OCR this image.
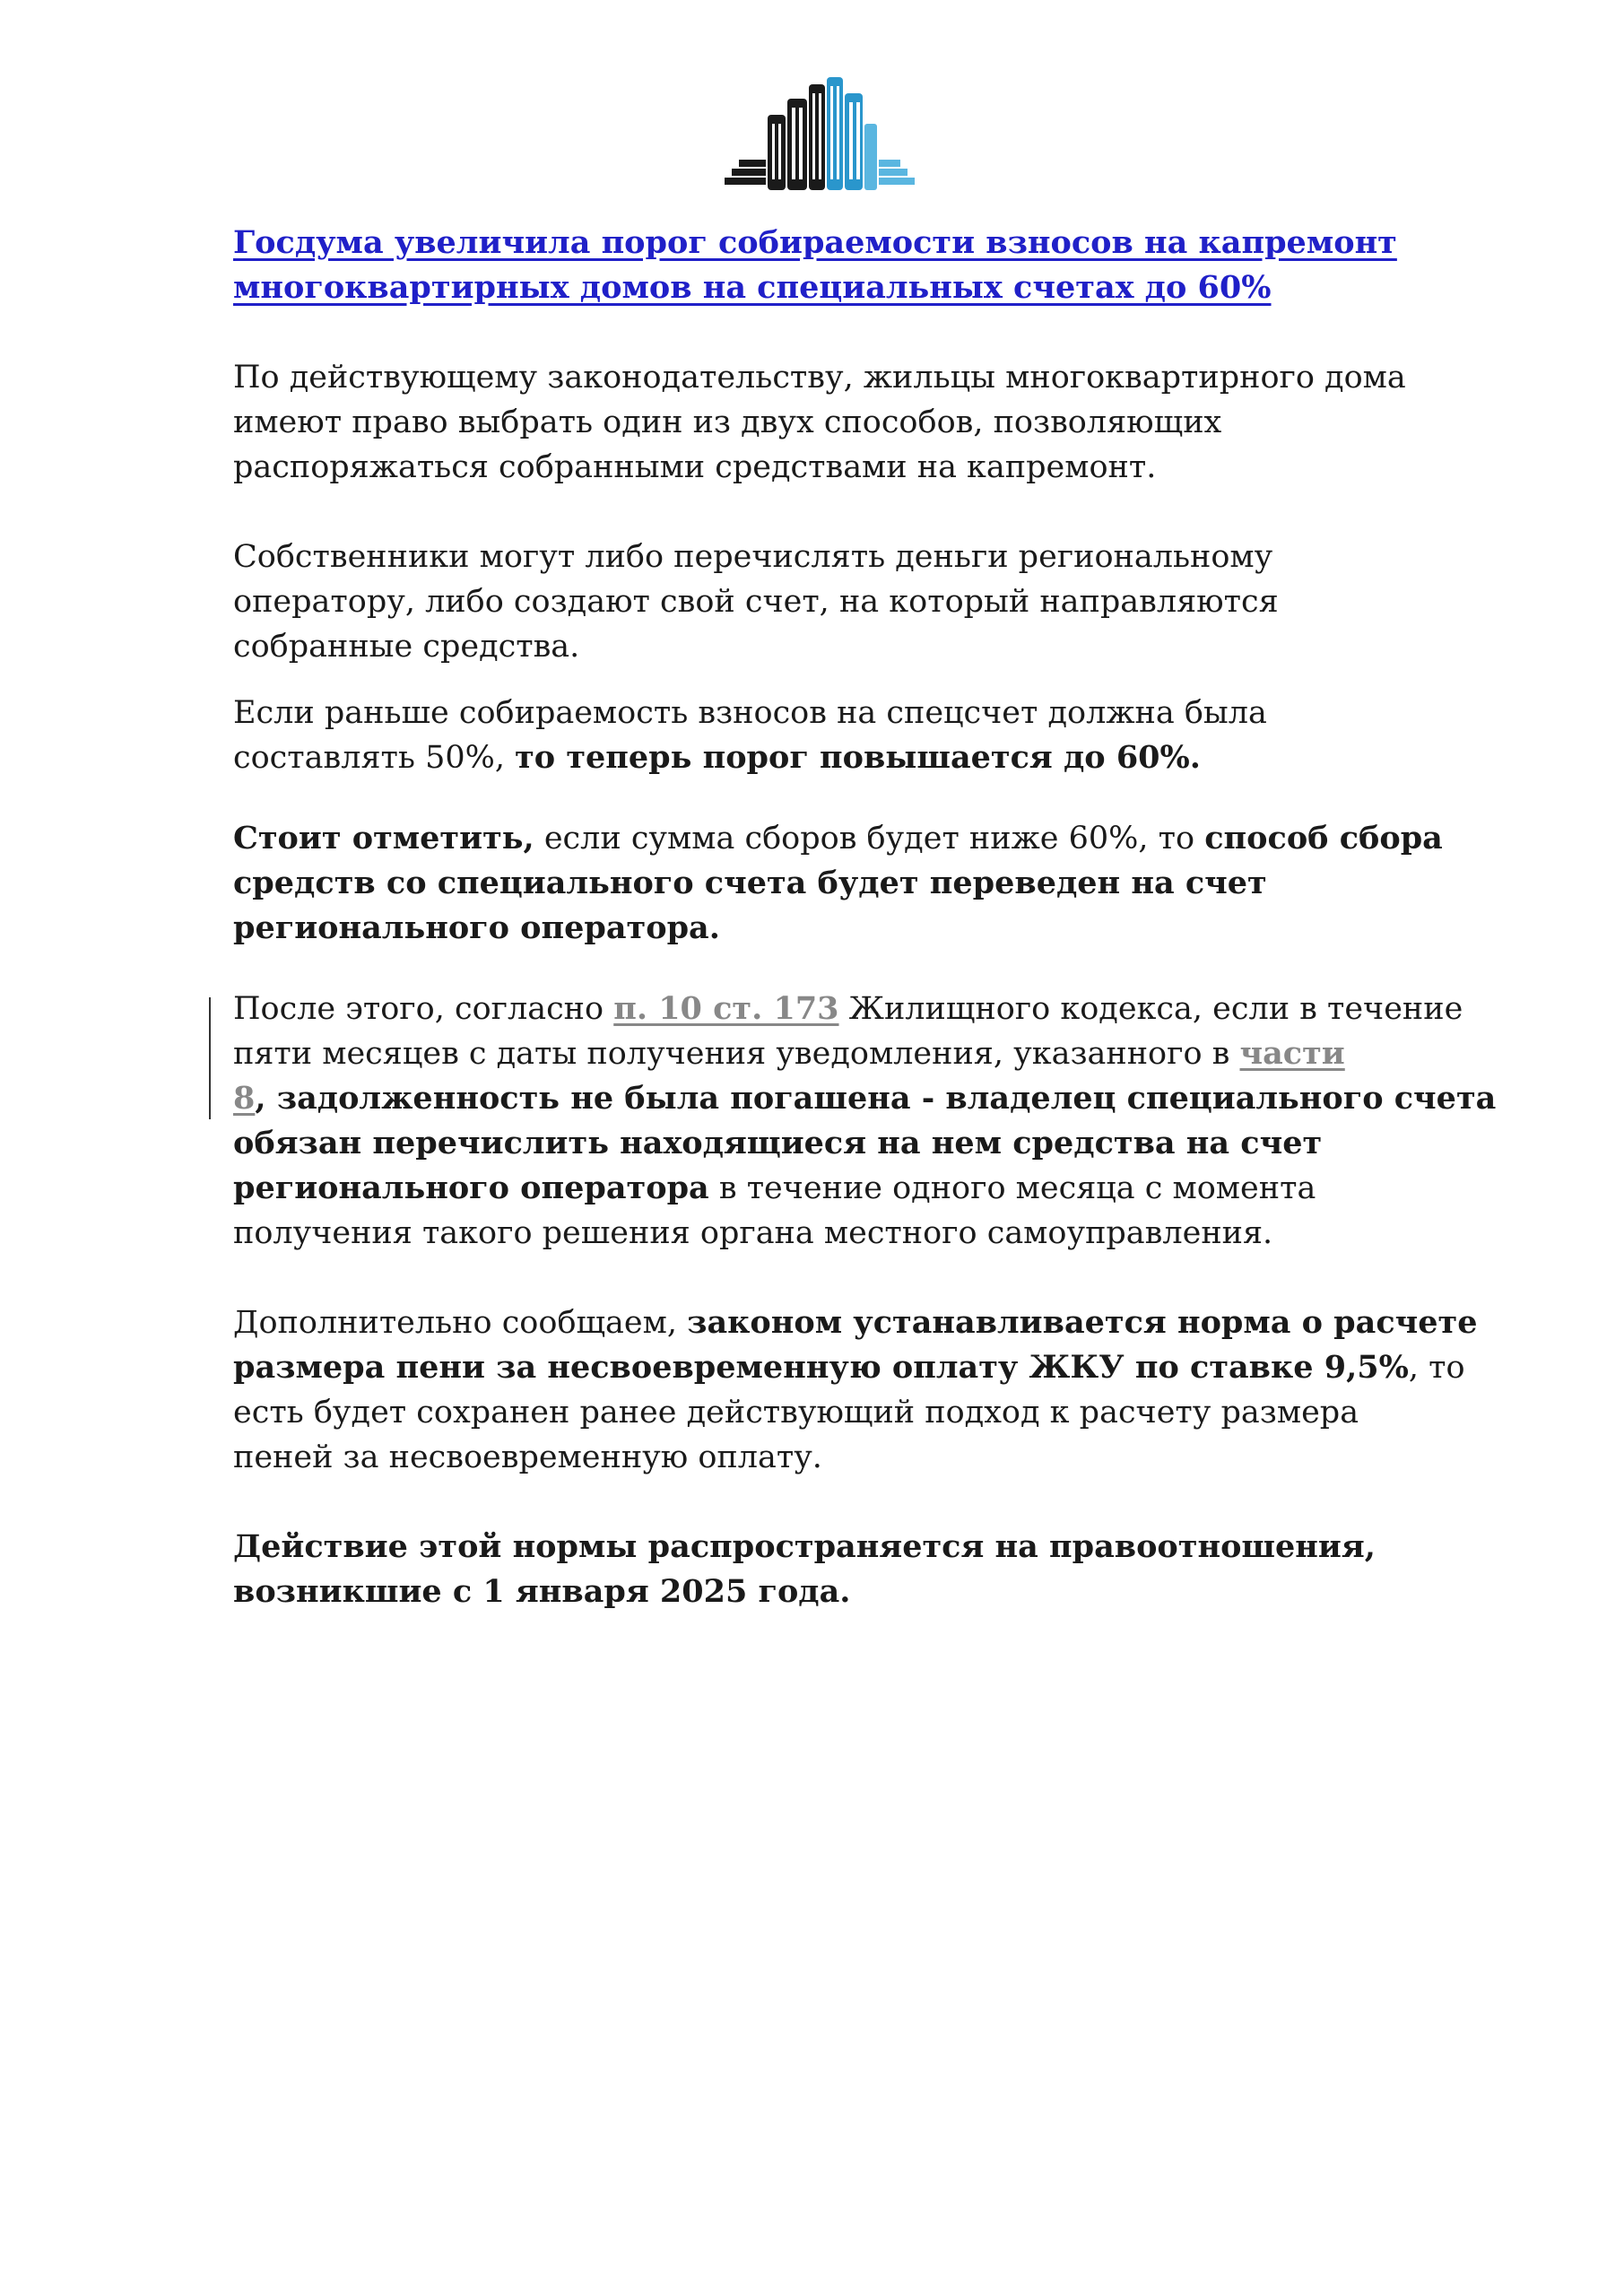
Госдума увеличила порог собираемости взносов на капремонт
многоквартирных домов на специальных счетах до 60%

По действующему законодательству, жильцы многоквартирного дома
имеют право выбрать один из двух способов, позволяющих
распоряжаться собранными средствами на капремонт.

Собственники могут либо перечислять деньги региональному
оператору, либо создают свой счет, на который направляются
собранные средства.

Если раньше собираемость взносов на спецсчет должна была
составлять 50%, то теперь порог повышается до 60%.

Стоит отметить, если сумма сборов будет ниже 60%, то способ сбора
средств со специального счета будет переведен на счет
регионального оператора.

После этого, согласно п. 10 ст. 173 Жилищного кодекса, если в течение
пяти месяцев с даты получения уведомления, указанного в части
8, задолженность не была погашена - владелец специального счета
обязан перечислить находящиеся на нем средства на счет
регионального оператора в течение одного месяца с момента
получения такого решения органа местного самоуправления.

Дополнительно сообщаем, законом устанавливается норма о расчете
размера пени за несвоевременную оплату ЖКУ по ставке 9,5%, то
есть будет сохранен ранее действующий подход к расчету размера
пеней за несвоевременную оплату.

Действие этой нормы распространяется на правоотношения,
возникшие с 1 января 2025 года.
